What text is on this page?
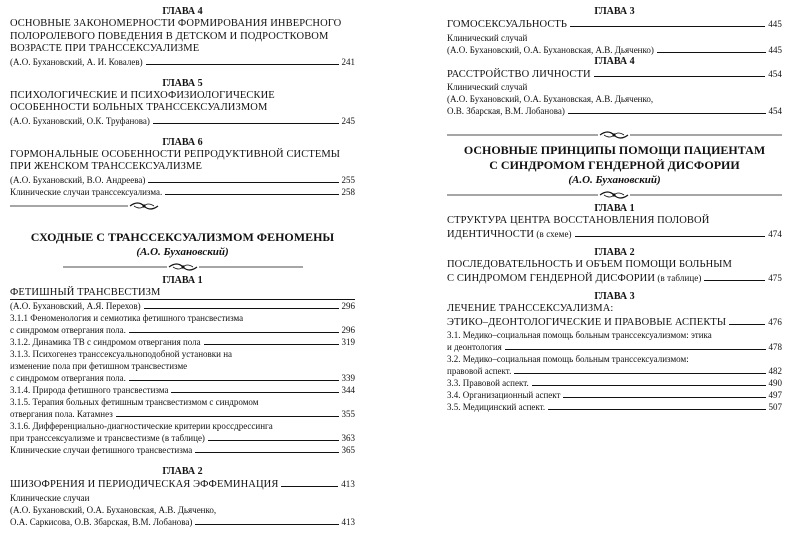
ГЛАВА 4
ОСНОВНЫЕ ЗАКОНОМЕРНОСТИ ФОРМИРОВАНИЯ ИНВЕРСНОГО
ПОЛОРОЛЕВОГО ПОВЕДЕНИЯ В ДЕТСКОМ И ПОДРОСТКОВОМ
ВОЗРАСТЕ ПРИ ТРАНССЕКСУАЛИЗМЕ
(А.О. Бухановский, А. И. Ковалев)	241
ГЛАВА 5
ПСИХОЛОГИЧЕСКИЕ И ПСИХОФИЗИОЛОГИЧЕСКИЕ
ОСОБЕННОСТИ БОЛЬНЫХ ТРАНССЕКСУАЛИЗМОМ
(А.О. Бухановский, О.К. Труфанова)	245
ГЛАВА 6
ГОРМОНАЛЬНЫЕ ОСОБЕННОСТИ РЕПРОДУКТИВНОЙ СИСТЕМЫ
ПРИ ЖЕНСКОМ ТРАНССЕКСУАЛИЗМЕ
(А.О. Бухановский, В.О. Андреева)	255
Клинические случаи транссексуализма.	258
СХОДНЫЕ С ТРАНССЕКСУАЛИЗМОМ ФЕНОМЕНЫ
(А.О. Бухановский)
ГЛАВА 1
ФЕТИШНЫЙ ТРАНСВЕСТИЗМ
(А.О. Бухановский, А.Я. Перехов)	296
3.1.1 Феноменология и семиотика фетишного трансвестизма
с синдромом отвергания пола.	296
3.1.2. Динамика ТВ с синдромом отвергания пола	319
3.1.3. Психогенез транссексуальноподобной установки на
изменение пола при фетишном трансвестизме
с синдромом отвергания пола.	339
3.1.4. Природа фетишного трансвестизма	344
3.1.5. Терапия больных фетишным трансвестизмом с синдромом
отвергания пола. Катамнез	355
3.1.6. Дифференциально-диагностические критерии кроссдрессинга
при транссексуализме и трансвестизме (в таблице)	363
Клинические случаи фетишного трансвестизма	365
ГЛАВА 2
ШИЗОФРЕНИЯ И ПЕРИОДИЧЕСКАЯ ЭФФЕМИНАЦИЯ	413
Клинические случаи
(А.О. Бухановский, О.А. Бухановская, А.В. Дьяченко,
О.А. Саркисова, О.В. Збарская, В.М. Лобанова)	413
ГЛАВА 3
ГОМОСЕКСУАЛЬНОСТЬ	445
Клинический случай
(А.О. Бухановский, О.А. Бухановская, А.В. Дьяченко)	445
ГЛАВА 4
РАССТРОЙСТВО ЛИЧНОСТИ	454
Клинический случай
(А.О. Бухановский, О.А. Бухановская, А.В. Дьяченко,
О.В. Збарская, В.М. Лобанова)	454
ОСНОВНЫЕ ПРИНЦИПЫ ПОМОЩИ ПАЦИЕНТАМ
С СИНДРОМОМ ГЕНДЕРНОЙ ДИСФОРИИ
(А.О. Бухановский)
ГЛАВА 1
СТРУКТУРА ЦЕНТРА ВОССТАНОВЛЕНИЯ ПОЛОВОЙ
ИДЕНТИЧНОСТИ (в схеме)	474
ГЛАВА 2
ПОСЛЕДОВАТЕЛЬНОСТЬ И ОБЪЕМ ПОМОЩИ БОЛЬНЫМ
С СИНДРОМОМ ГЕНДЕРНОЙ ДИСФОРИИ (в таблице)	475
ГЛАВА 3
ЛЕЧЕНИЕ ТРАНССЕКСУАЛИЗМА:
ЭТИКО–ДЕОНТОЛОГИЧЕСКИЕ И ПРАВОВЫЕ АСПЕКТЫ	476
3.1. Медико–социальная помощь больным транссексуализмом: этика
и деонтология	478
3.2. Медико–социальная помощь больным транссексуализмом:
правовой аспект.	482
3.3. Правовой аспект.	490
3.4. Организационный аспект	497
3.5. Медицинский аспект.	507
